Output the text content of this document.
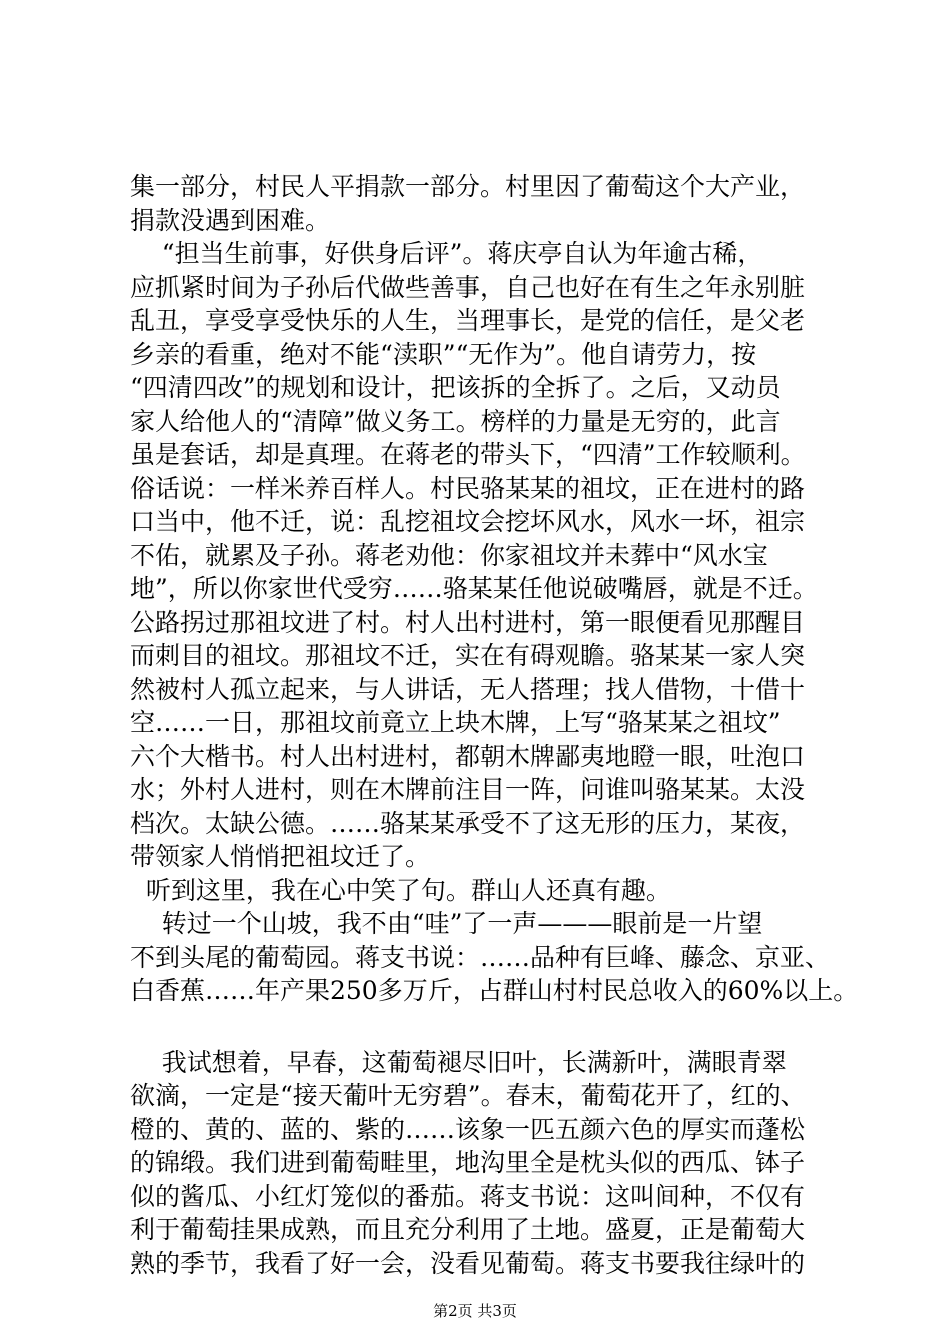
集一部分，村民人平捐款一部分。村里因了葡萄这个大产业，
捐款没遇到困难。
“担当生前事，好供身后评”。蒋庆亭自认为年逾古稀，
应抓紧时间为子孙后代做些善事，自己也好在有生之年永别脏
乱丑，享受享受快乐的人生，当理事长，是党的信任，是父老
乡亲的看重，绝对不能“渎职”“无作为”。他自请劳力，按
“四清四改”的规划和设计，把该拆的全拆了。之后，又动员
家人给他人的“清障”做义务工。榜样的力量是无穷的，此言
虽是套话，却是真理。在蒋老的带头下，“四清”工作较顺利。
俗话说：一样米养百样人。村民骆某某的祖坟，正在进村的路
口当中，他不迁，说：乱挖祖坟会挖坏风水，风水一坏，祖宗
不佑，就累及子孙。蒋老劝他：你家祖坟并未葬中“风水宝
地”，所以你家世代受穷……骆某某任他说破嘴唇，就是不迁。
公路拐过那祖坟进了村。村人出村进村，第一眼便看见那醒目
而刺目的祖坟。那祖坟不迁，实在有碍观瞻。骆某某一家人突
然被村人孤立起来，与人讲话，无人搭理；找人借物，十借十
空……一日，那祖坟前竟立上块木牌，上写“骆某某之祖坟”
六个大楷书。村人出村进村，都朝木牌鄙夷地瞪一眼，吐泡口
水；外村人进村，则在木牌前注目一阵，问谁叫骆某某。太没
档次。太缺公德。……骆某某承受不了这无形的压力，某夜，
带领家人悄悄把祖坟迁了。
听到这里，我在心中笑了句。群山人还真有趣。
转过一个山坡，我不由“哇”了一声———眼前是一片望
不到头尾的葡萄园。蒋支书说：……品种有巨峰、藤念、京亚、
白香蕉……年产果250多万斤，占群山村村民总收入的60%以上。
我试想着，早春，这葡萄褪尽旧叶，长满新叶，满眼青翠
欲滴，一定是“接天葡叶无穷碧”。春末，葡萄花开了，红的、
橙的、黄的、蓝的、紫的……该象一匹五颜六色的厚实而蓬松
的锦缎。我们进到葡萄畦里，地沟里全是枕头似的西瓜、钵子
似的酱瓜、小红灯笼似的番茄。蒋支书说：这叫间种，不仅有
利于葡萄挂果成熟，而且充分利用了土地。盛夏，正是葡萄大
熟的季节，我看了好一会，没看见葡萄。蒋支书要我往绿叶的
第2页 共3页
